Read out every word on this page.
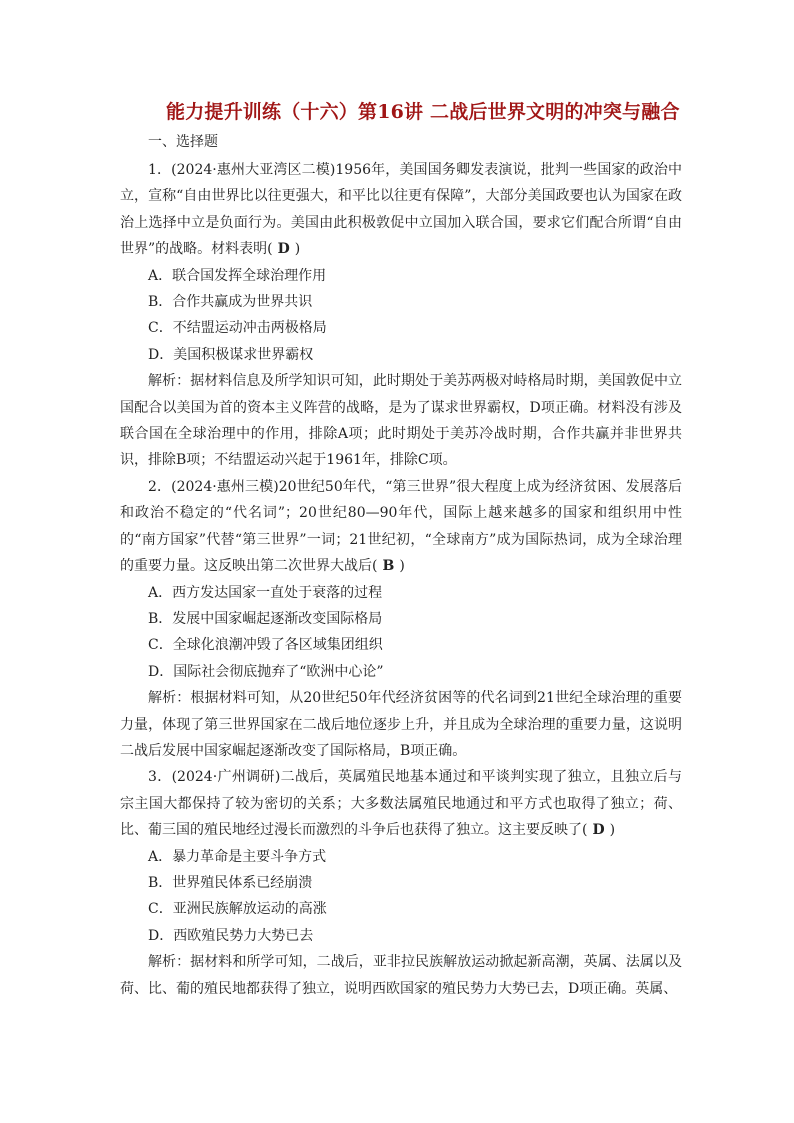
能力提升训练（十六）第16讲 二战后世界文明的冲突与融合
一、选择题

1．(2024·惠州大亚湾区二模)1956年，美国国务卿发表演说，批判一些国家的政治中立，宣称“自由世界比以往更强大，和平比以往更有保障”，大部分美国政要也认为国家在政治上选择中立是负面行为。美国由此积极敦促中立国加入联合国，要求它们配合所谓“自由世界”的战略。材料表明( D )

A．联合国发挥全球治理作用

B．合作共赢成为世界共识

C．不结盟运动冲击两极格局

D．美国积极谋求世界霸权

解析：据材料信息及所学知识可知，此时期处于美苏两极对峙格局时期，美国敦促中立国配合以美国为首的资本主义阵营的战略，是为了谋求世界霸权，D项正确。材料没有涉及联合国在全球治理中的作用，排除A项；此时期处于美苏冷战时期，合作共赢并非世界共识，排除B项；不结盟运动兴起于1961年，排除C项。

2．(2024·惠州三模)20世纪50年代，“第三世界”很大程度上成为经济贫困、发展落后和政治不稳定的“代名词”；20世纪80—90年代，国际上越来越多的国家和组织用中性的“南方国家”代替“第三世界”一词；21世纪初，“全球南方”成为国际热词，成为全球治理的重要力量。这反映出第二次世界大战后( B )

A．西方发达国家一直处于衰落的过程

B．发展中国家崛起逐渐改变国际格局

C．全球化浪潮冲毁了各区域集团组织

D．国际社会彻底抛弃了“欧洲中心论”

解析：根据材料可知，从20世纪50年代经济贫困等的代名词到21世纪全球治理的重要力量，体现了第三世界国家在二战后地位逐步上升，并且成为全球治理的重要力量，这说明二战后发展中国家崛起逐渐改变了国际格局，B项正确。

3．(2024·广州调研)二战后，英属殖民地基本通过和平谈判实现了独立，且独立后与宗主国大都保持了较为密切的关系；大多数法属殖民地通过和平方式也取得了独立；荷、比、葡三国的殖民地经过漫长而激烈的斗争后也获得了独立。这主要反映了( D )

A．暴力革命是主要斗争方式

B．世界殖民体系已经崩溃

C．亚洲民族解放运动的高涨

D．西欧殖民势力大势已去

解析：据材料和所学可知，二战后，亚非拉民族解放运动掀起新高潮，英属、法属以及荷、比、葡的殖民地都获得了独立，说明西欧国家的殖民势力大势已去，D项正确。英属、
